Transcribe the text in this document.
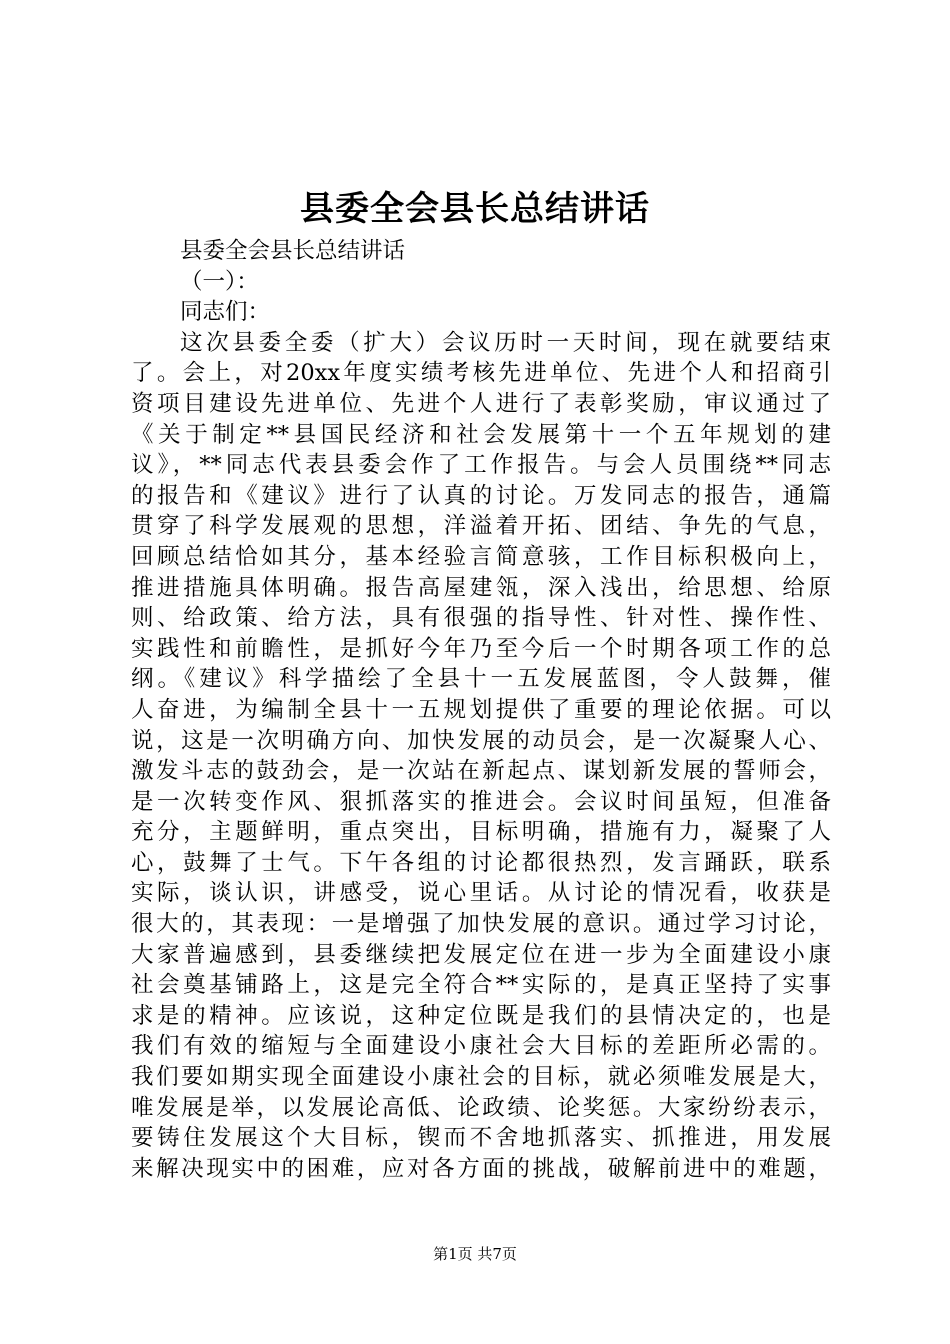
县委全会县长总结讲话
县委全会县长总结讲话
（一）：
同志们：
这次县委全委（扩大）会议历时一天时间，现在就要结束
了。会上，对20xx年度实绩考核先进单位、先进个人和招商引
资项目建设先进单位、先进个人进行了表彰奖励，审议通过了
《关于制定**县国民经济和社会发展第十一个五年规划的建
议》，**同志代表县委会作了工作报告。与会人员围绕**同志
的报告和《建议》进行了认真的讨论。万发同志的报告，通篇
贯穿了科学发展观的思想，洋溢着开拓、团结、争先的气息，
回顾总结恰如其分，基本经验言简意骇，工作目标积极向上，
推进措施具体明确。报告高屋建瓴，深入浅出，给思想、给原
则、给政策、给方法，具有很强的指导性、针对性、操作性、
实践性和前瞻性，是抓好今年乃至今后一个时期各项工作的总
纲。《建议》科学描绘了全县十一五发展蓝图，令人鼓舞，催
人奋进，为编制全县十一五规划提供了重要的理论依据。可以
说，这是一次明确方向、加快发展的动员会，是一次凝聚人心、
激发斗志的鼓劲会，是一次站在新起点、谋划新发展的誓师会，
是一次转变作风、狠抓落实的推进会。会议时间虽短，但准备
充分，主题鲜明，重点突出，目标明确，措施有力，凝聚了人
心，鼓舞了士气。下午各组的讨论都很热烈，发言踊跃，联系
实际，谈认识，讲感受，说心里话。从讨论的情况看，收获是
很大的，其表现：一是增强了加快发展的意识。通过学习讨论，
大家普遍感到，县委继续把发展定位在进一步为全面建设小康
社会奠基铺路上，这是完全符合**实际的，是真正坚持了实事
求是的精神。应该说，这种定位既是我们的县情决定的，也是
我们有效的缩短与全面建设小康社会大目标的差距所必需的。
我们要如期实现全面建设小康社会的目标，就必须唯发展是大，
唯发展是举，以发展论高低、论政绩、论奖惩。大家纷纷表示，
要铸住发展这个大目标，锲而不舍地抓落实、抓推进，用发展
来解决现实中的困难，应对各方面的挑战，破解前进中的难题，
第1页 共7页
